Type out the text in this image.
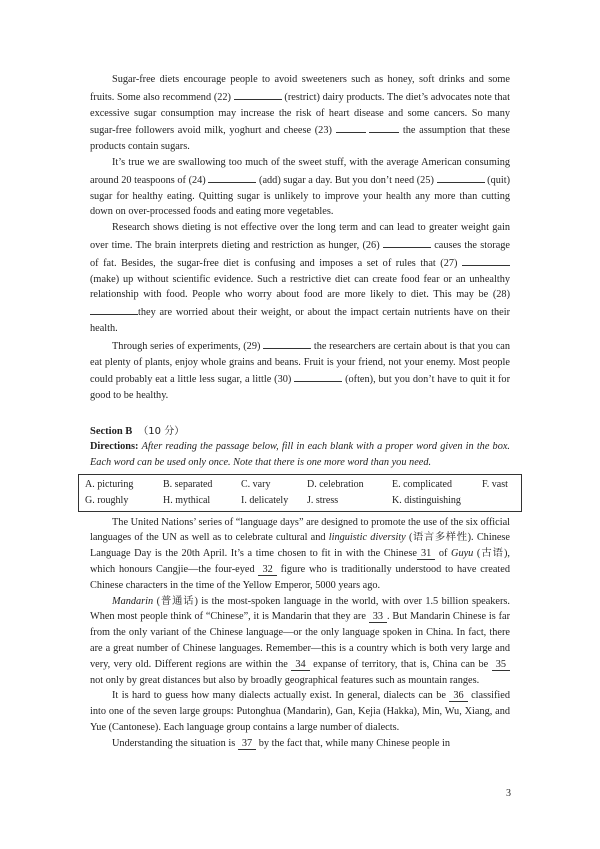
Sugar-free diets encourage people to avoid sweeteners such as honey, soft drinks and some fruits. Some also recommend (22)	(restrict) dairy products. The diet’s advocates note that excessive sugar consumption may increase the risk of heart disease and some cancers. So many sugar-free followers avoid milk, yoghurt and cheese (23)	the assumption that these products contain sugars.

It’s true we are swallowing too much of the sweet stuff, with the average American consuming around 20 teaspoons of (24)	(add) sugar a day. But you don’t need (25)	(quit) sugar for healthy eating. Quitting sugar is unlikely to improve your health any more than cutting down on over-processed foods and eating more vegetables.

Research shows dieting is not effective over the long term and can lead to greater weight gain over time. The brain interprets dieting and restriction as hunger, (26)	causes the storage of fat. Besides, the sugar-free diet is confusing and imposes a set of rules that (27)  (make) up without scientific evidence. Such a restrictive diet can create food fear or an unhealthy relationship with food. People who worry about food are more likely to diet. This may be (28) they are worried about their weight, or about the impact certain nutrients have on their health.

Through series of experiments, (29)	the researchers are certain about is that you can eat plenty of plants, enjoy whole grains and beans. Fruit is your friend, not your enemy. Most people could probably eat a little less sugar, a little (30)	(often), but you don’t have to quit it for good to be healthy.

Section B （10 分）
Directions: After reading the passage below, fill in each blank with a proper word given in the box. Each word can be used only once. Note that there is one more word than you need.
A. picturing	B. separated	C. vary	D. celebration	E. complicated	F. vast
G. roughly	H. mythical	I. delicately	J. stress	K. distinguishing

The United Nations’ series of “language days” are designed to promote the use of the six official languages of the UN as well as to celebrate cultural and linguistic diversity (语言多样性). Chinese Language Day is the 20th April. It’s a time chosen to fit in with the Chinese 31 of Guyu (古语), which honours Cangjie—the four-eyed 32 figure who is traditionally understood to have created Chinese characters in the time of the Yellow Emperor, 5000 years ago.

Mandarin (普通话) is the most-spoken language in the world, with over 1.5 billion speakers. When most people think of “Chinese”, it is Mandarin that they are 33 . But Mandarin Chinese is far from the only variant of the Chinese language—or the only language spoken in China. In fact, there are a great number of Chinese languages. Remember—this is a country which is both very large and very, very old. Different regions are within the 34 expanse of territory, that is, China can be 35 not only by great distances but also by broadly geographical features such as mountain ranges.

It is hard to guess how many dialects actually exist. In general, dialects can be 36 classified into one of the seven large groups: Putonghua (Mandarin), Gan, Kejia (Hakka), Min, Wu, Xiang, and Yue (Cantonese). Each language group contains a large number of dialects.

Understanding the situation is 37 by the fact that, while many Chinese people in

3
